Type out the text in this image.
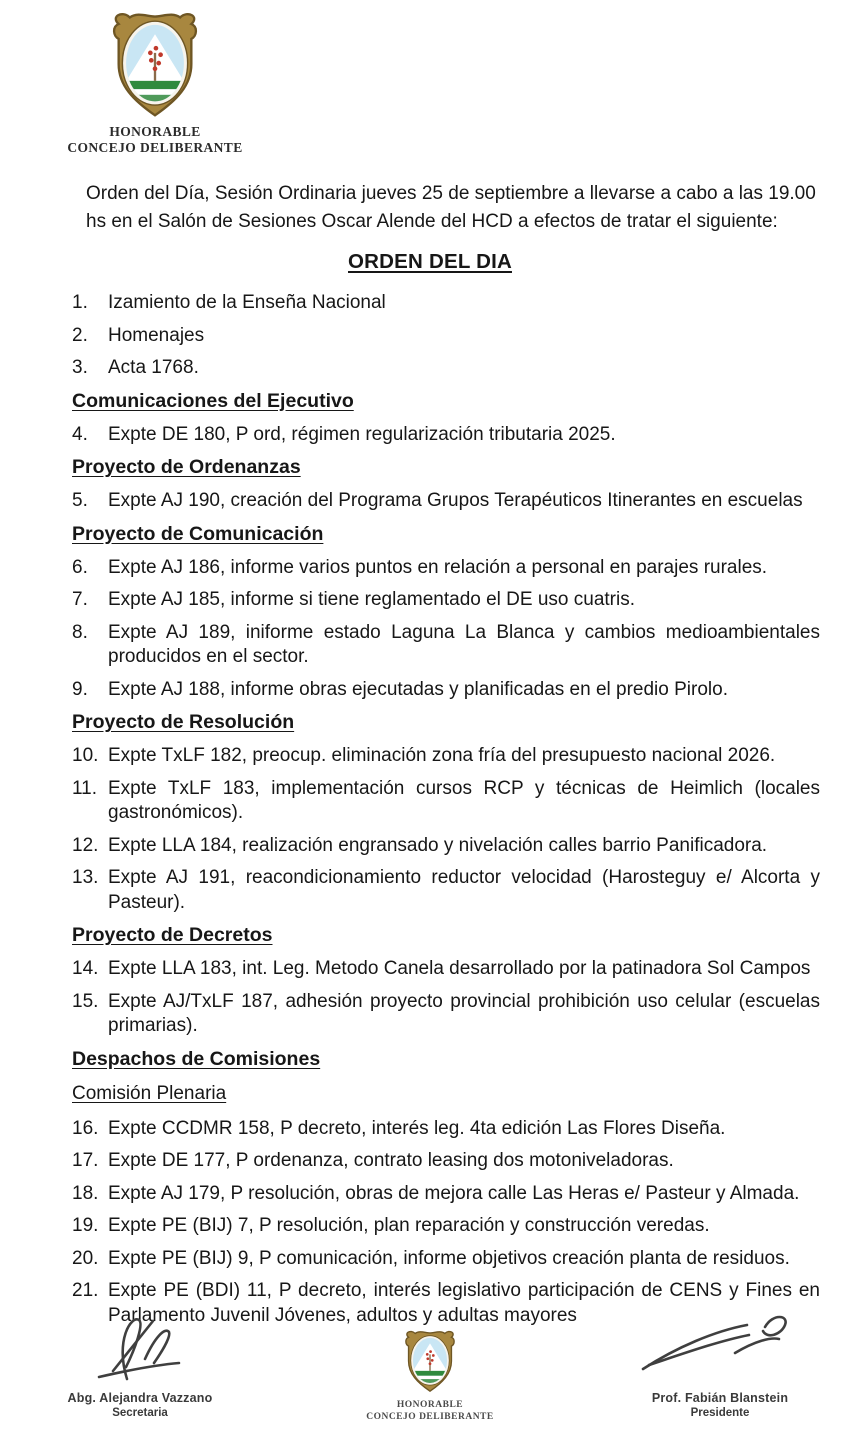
HONORABLE
CONCEJO DELIBERANTE

Orden del Día, Sesión Ordinaria jueves 25 de septiembre a llevarse a cabo a las 19.00 hs en el Salón de Sesiones Oscar Alende del HCD a efectos de tratar el siguiente:

ORDEN DEL DIA
1.	Izamiento de la Enseña Nacional
2.	Homenajes
3.	Acta 1768.
Comunicaciones del Ejecutivo
4.	Expte DE 180, P ord, régimen regularización tributaria 2025.
Proyecto de Ordenanzas
5.	Expte AJ 190, creación del Programa Grupos Terapéuticos Itinerantes en escuelas
Proyecto de Comunicación
6.	Expte AJ 186, informe varios puntos en relación a personal en parajes rurales.
7.	Expte AJ 185, informe si tiene reglamentado el DE uso cuatris.
8.	Expte AJ 189, iniforme estado Laguna La Blanca y cambios medioambientales producidos en el sector.
9.	Expte AJ 188, informe obras ejecutadas y planificadas en el predio Pirolo.
Proyecto de Resolución
10. Expte TxLF 182, preocup. eliminación zona fría del presupuesto nacional 2026.
11. Expte TxLF 183, implementación cursos RCP y técnicas de Heimlich (locales gastronómicos).
12. Expte LLA 184, realización engransado y nivelación calles barrio Panificadora.
13. Expte AJ 191, reacondicionamiento reductor velocidad (Harosteguy e/ Alcorta y Pasteur).
Proyecto de Decretos
14. Expte LLA 183, int. Leg. Metodo Canela desarrollado por la patinadora Sol Campos
15. Expte AJ/TxLF 187, adhesión proyecto provincial prohibición uso celular (escuelas primarias).
Despachos de Comisiones
Comisión Plenaria
16. Expte CCDMR 158, P decreto, interés leg. 4ta edición Las Flores Diseña.
17. Expte DE 177, P ordenanza, contrato leasing dos motoniveladoras.
18. Expte AJ 179, P resolución, obras de mejora calle Las Heras e/ Pasteur y Almada.
19. Expte PE (BIJ) 7, P resolución, plan reparación y construcción veredas.
20. Expte PE (BIJ) 9, P comunicación, informe objetivos creación planta de residuos.
21. Expte PE (BDI) 11, P decreto, interés legislativo participación de CENS y Fines en Parlamento Juvenil Jóvenes, adultos y adultas mayores
Abg. Alejandra Vazzano
Secretaria
HONORABLE
CONCEJO DELIBERANTE
Prof. Fabián Blanstein
Presidente
